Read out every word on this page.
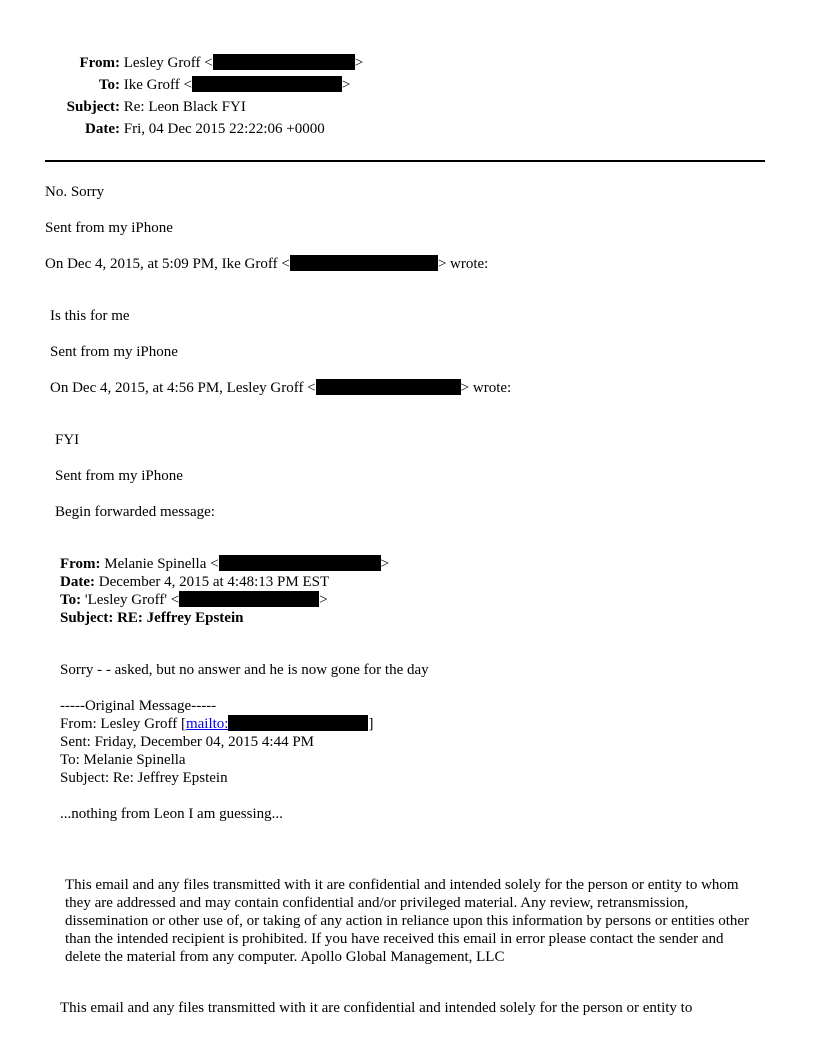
From: Lesley Groff <	>
To: Ike Groff <	>
Subject: Re: Leon Black FYI
Date: Fri, 04 Dec 2015 22:22:06 +0000
No. Sorry
Sent from my iPhone
On Dec 4, 2015, at 5:09 PM, Ike Groff <	> wrote:
Is this for me
Sent from my iPhone
On Dec 4, 2015, at 4:56 PM, Lesley Groff <	> wrote:
FYI
Sent from my iPhone
Begin forwarded message:
From: Melanie Spinella <	>
Date: December 4, 2015 at 4:48:13 PM EST
To: 'Lesley Groff' <	>
Subject: RE: Jeffrey Epstein
Sorry - - asked, but no answer and he is now gone for the day
-----Original Message-----
From: Lesley Groff [mailto:	]
Sent: Friday, December 04, 2015 4:44 PM
To: Melanie Spinella
Subject: Re: Jeffrey Epstein
...nothing from Leon I am guessing...
This email and any files transmitted with it are confidential and intended solely for the person or entity to whom they are addressed and may contain confidential and/or privileged material. Any review, retransmission, dissemination or other use of, or taking of any action in reliance upon this information by persons or entities other than the intended recipient is prohibited. If you have received this email in error please contact the sender and delete the material from any computer. Apollo Global Management, LLC
This email and any files transmitted with it are confidential and intended solely for the person or entity to
